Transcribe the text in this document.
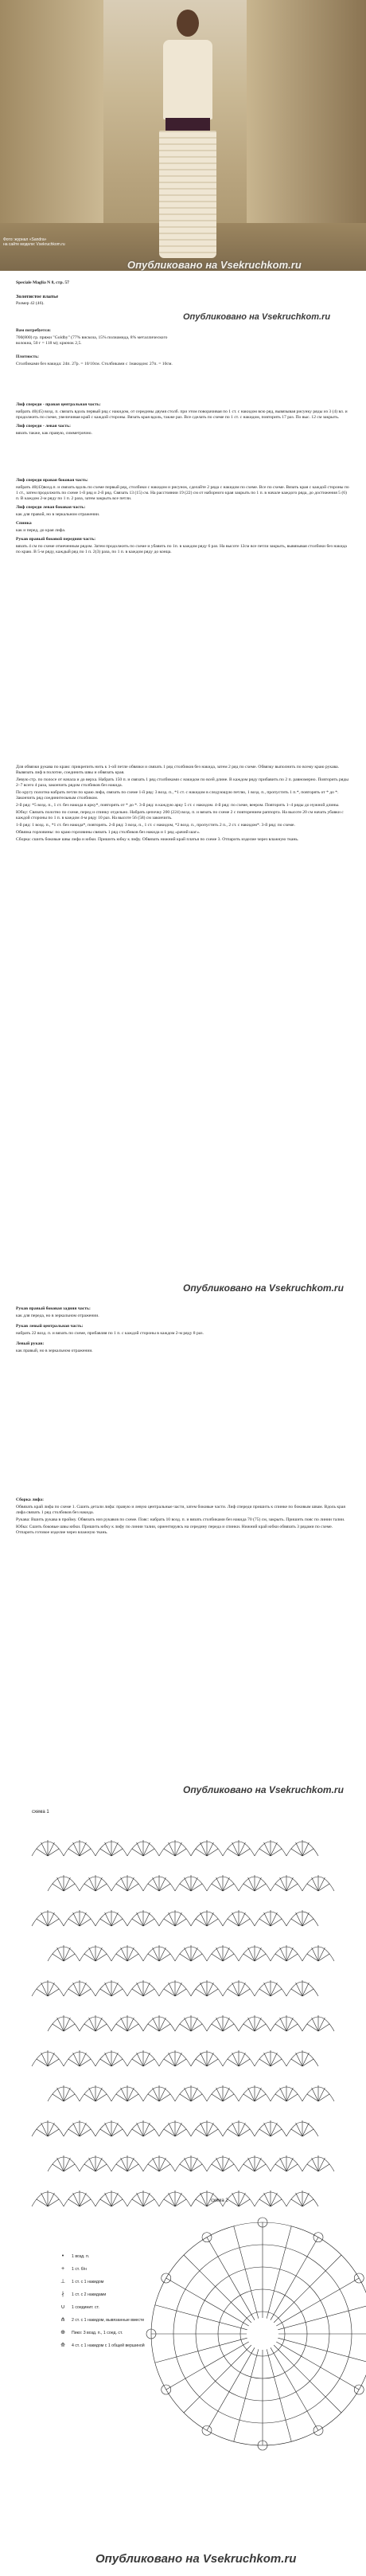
Фото: журнал «Sandra»
на сайте модели: Vsekruchkom.ru
Опубликовано на Vsekruchkom.ru

Speciale Maglia N 8, стр. 57

Золотистое платье

Размер 42 (46).

Опубликовано на Vsekruchkom.ru

Вам потребуется:

700(800) гр. пряжи "Goldby" (77% вискоза, 15% полиамида, 8% металлического волокна, 50 г = 118 м); крючок 2,5.

Плотность:

Столбиками без накида: 24п. 27р. = 10/10см. Столбиками с 1накидом: 27п. = 10см.

Лиф спереди - правая центральная часть:

набрать 40(45) возд. п. связать вдоль первый ряд с накидом, от середины двумя столб. при этом поворачивая по 1 ст. с накидом всю ряд, вывязывая рисунку ряды из 3 (4) вл. и продолжить по схеме, увеличивая край с каждой стороны. Вязать края вдоль, также раз. Все сделать по схеме по 1 ст. с накидом, повторить 17 раз. По выс. 12 см закрыть.

Лиф спереди - левая часть:

вязать также, как правую, симметрично.

Лиф спереди правая боковая часть:

набрать 40(43)возд.п. и связать вдоль по схеме первый ряд, столбики с накидом и рисунок, сделайте 2 ряда с накидом по схеме. Все по схеме. Вязать края с каждой стороны по 1 ст., затем продолжить по схеме 1-й ряд и 2-й ряд. Связать 13 (15) см. На расстоянии 19 (22) см от наборного края закрыть по 1 п. в начале каждого ряда, до достижения 5 (6) п. В каждом 2-м ряду по 1 п. 2 раза, затем закрыть все петли.

Лиф спереди левая боковая часть:

как для правой, но в зеркальном отражении.

Спинка

как и перед, до края лифа.

Рукав правый боковой передняя часть:

вязать 4 см по схеме отмеченным рядом. Затем продолжить по схеме и убавить по 1п. в каждом ряду 6 раз. На высоте 12см все петли закрыть, вывязывая столбики без накида по краю. В 5-м ряду, каждый ряд по 1 п. 2(3) раза, по 1 п. в каждом ряду до конца.

Для обвязки рукава по краю: прикрепить нить к 1-ой петле обвязки и связать 1 ряд столбиков без накида, затем 2 ряд по схеме. Обвязку выполнить по всему краю рукава. Вывязать лиф в полотне, соединить швы и обвязать края.

Левую стр. по полосе от начала и до верха. Набрать 150 п. и связать 1 ряд столбиками с накидом по всей длине. В каждом ряду прибавить по 2 п. равномерно. Повторить ряды 2–7 всего 4 раза, закончить рядом столбиков без накида.

По кругу полотна набрать петли по краю лифа, связать по схеме 1-й ряд: 3 возд. п., *1 ст. с накидом в следующую петлю, 1 возд. п., пропустить 1 п.*, повторять от * до *. Закончить ряд соединительным столбиком.

2-й ряд: *5 возд. п., 1 ст. без накида в арку*, повторять от * до *. 3-й ряд: в каждую арку 5 ст. с накидом. 4-й ряд: по схеме, веером. Повторить 1–4 ряды до нужной длины.

Юбку: Связать полотно по схеме, перед и спинку отдельно. Набрать цепочку 200 (224) возд. п. и вязать по схеме 2 с повторением раппорта. На высоте 20 см начать убавки с каждой стороны по 1 п. в каждом 4-м ряду 10 раз. На высоте 56 (58) см закончить.

1-й ряд: 1 возд. п., *1 ст. без накида*, повторять. 2-й ряд: 3 возд. п., 1 ст. с накидом, *2 возд. п., пропустить 2 п., 2 ст. с накидом*. 3-й ряд: по схеме.

Обвязка горловины: по краю горловины связать 1 ряд столбиков без накида и 1 ряд «рачий шаг».

Сборка: сшить боковые швы лифа и юбки. Пришить юбку к лифу. Обвязать нижний край платья по схеме 3. Отпарить изделие через влажную ткань.

Опубликовано на Vsekruchkom.ru

Рукав правый боковая задняя часть:

как для переда, но в зеркальном отражении.

Рукав левый центральная часть:

набрать 22 возд. п. и вязать по схеме, прибавляя по 1 п. с каждой стороны в каждом 2-м ряду 8 раз.

Левый рукав:

как правый, но в зеркальном отражении.

Сборка лифа:

Обвязать край лифа по схеме 1. Сшить детали лифа: правую и левую центральные части, затем боковые части. Лиф спереди пришить к спинке по боковым швам. Вдоль края лифа связать 1 ряд столбиков без накида.

Рукава: Вшить рукава в пройму. Обвязать низ рукавов по схеме. Пояс: набрать 10 возд. п. и вязать столбиками без накида 70 (75) см, закрыть. Пришить пояс по линии талии.

Юбка: Сшить боковые швы юбки. Пришить юбку к лифу по линии талии, ориентируясь на середину переда и спинки. Нижний край юбки обвязать 3 рядами по схеме. Отпарить готовое изделие через влажную ткань.

Опубликовано на Vsekruchkom.ru
схема 1
схема 2
•	1 возд. п.
+	1 ст. б/н
⊥	1 ст. с 1 накидом
∤	1 ст. с 2 накидами
∪	1 соединит. ст.
⋔	2 ст. с 1 накидом, вывязанные вместе
⊕	Пико: 3 возд. п., 1 соед. ст.
⟰	4 ст. с 1 накидом с 1 общей вершиной
Опубликовано на Vsekruchkom.ru
